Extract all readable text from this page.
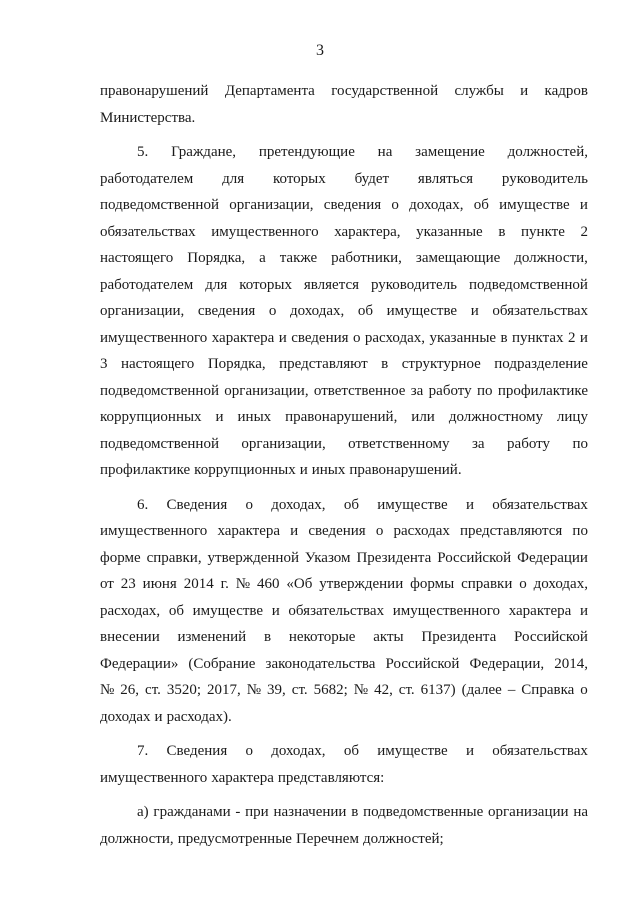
3
правонарушений Департамента государственной службы и кадров
Министерства.
5. Граждане, претендующие на замещение должностей,
работодателем для которых будет являться руководитель
подведомственной организации, сведения о доходах, об имуществе и
обязательствах имущественного характера, указанные в пункте 2
настоящего Порядка, а также работники, замещающие должности,
работодателем для которых является руководитель подведомственной
организации, сведения о доходах, об имуществе и обязательствах
имущественного характера и сведения о расходах, указанные в пунктах 2 и
3 настоящего Порядка, представляют в структурное подразделение
подведомственной организации, ответственное за работу по профилактике
коррупционных и иных правонарушений, или должностному лицу
подведомственной организации, ответственному за работу по
профилактике коррупционных и иных правонарушений.
6. Сведения о доходах, об имуществе и обязательствах
имущественного характера и сведения о расходах представляются по
форме справки, утвержденной Указом Президента Российской Федерации
от 23 июня 2014 г. № 460 «Об утверждении формы справки о доходах,
расходах, об имуществе и обязательствах имущественного характера и
внесении изменений в некоторые акты Президента Российской
Федерации» (Собрание законодательства Российской Федерации, 2014,
№ 26, ст. 3520; 2017, № 39, ст. 5682; № 42, ст. 6137) (далее – Справка о
доходах и расходах).
7. Сведения о доходах, об имуществе и обязательствах
имущественного характера представляются:
а) гражданами - при назначении в подведомственные организации на
должности, предусмотренные Перечнем должностей;
